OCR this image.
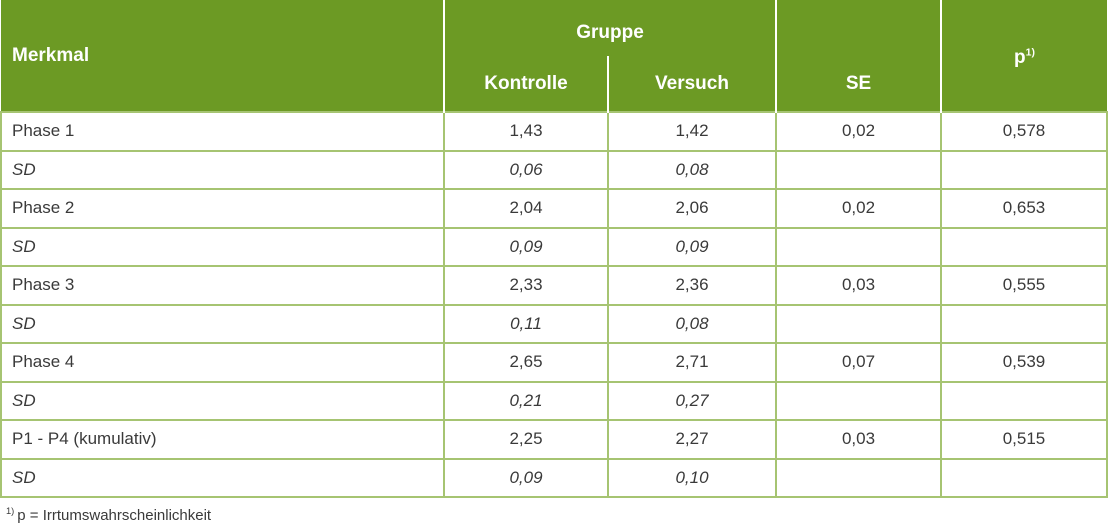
Merkmal	Gruppe		SE	$p^{1)}$
	Kontrolle	Versuch		
Phase 1	1,43	1,42	0,02	0,578
SD	0,06	0,08		
Phase 2	2,04	2,06	0,02	0,653
SD	0,09	0,09		
Phase 3	2,33	2,36	0,03	0,555
SD	0,11	0,08		
Phase 4	2,65	2,71	0,07	0,539
SD	0,21	0,27		
P1 - P4 (kumulativ)	2,25	2,27	0,03	0,515
SD	0,09	0,10		
$^{1)}$ p = Irrtumswahrscheinlichkeit
